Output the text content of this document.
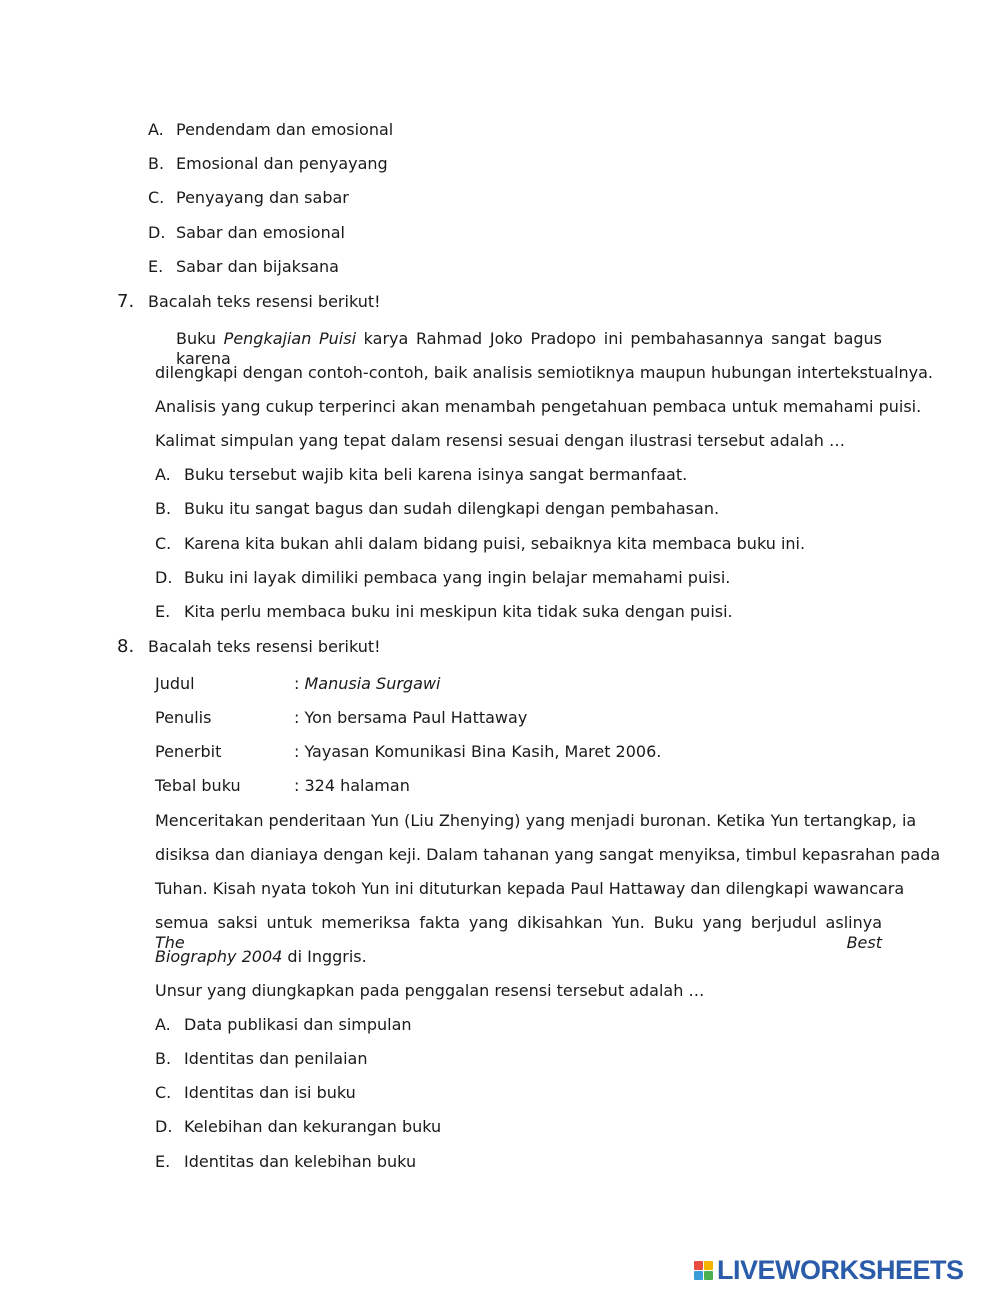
A. Pendendam dan emosional
B. Emosional dan penyayang
C. Penyayang dan sabar
D. Sabar dan emosional
E. Sabar dan bijaksana
7. Bacalah teks resensi berikut!
Buku Pengkajian Puisi karya Rahmad Joko Pradopo ini pembahasannya sangat bagus karena
dilengkapi dengan contoh-contoh, baik analisis semiotiknya maupun hubungan intertekstualnya.
Analisis yang cukup terperinci akan menambah pengetahuan pembaca untuk memahami puisi.
Kalimat simpulan yang tepat dalam resensi sesuai dengan ilustrasi tersebut adalah …
A. Buku tersebut wajib kita beli karena isinya sangat bermanfaat.
B. Buku itu sangat bagus dan sudah dilengkapi dengan pembahasan.
C. Karena kita bukan ahli dalam bidang puisi, sebaiknya kita membaca buku ini.
D. Buku ini layak dimiliki pembaca yang ingin belajar memahami puisi.
E. Kita perlu membaca buku ini meskipun kita tidak suka dengan puisi.
8. Bacalah teks resensi berikut!
Judul	: Manusia Surgawi
Penulis	: Yon bersama Paul Hattaway
Penerbit	: Yayasan Komunikasi Bina Kasih, Maret 2006.
Tebal buku	: 324 halaman
Menceritakan penderitaan Yun (Liu Zhenying) yang menjadi buronan. Ketika Yun tertangkap, ia
disiksa dan dianiaya dengan keji. Dalam tahanan yang sangat menyiksa, timbul kepasrahan pada
Tuhan. Kisah nyata tokoh Yun ini dituturkan kepada Paul Hattaway dan dilengkapi wawancara
semua saksi untuk memeriksa fakta yang dikisahkan Yun. Buku yang berjudul aslinya The Best
Biography 2004 di Inggris.
Unsur yang diungkapkan pada penggalan resensi tersebut adalah …
A. Data publikasi dan simpulan
B. Identitas dan penilaian
C. Identitas dan isi buku
D. Kelebihan dan kekurangan buku
E. Identitas dan kelebihan buku
LIVEWORKSHEETS
